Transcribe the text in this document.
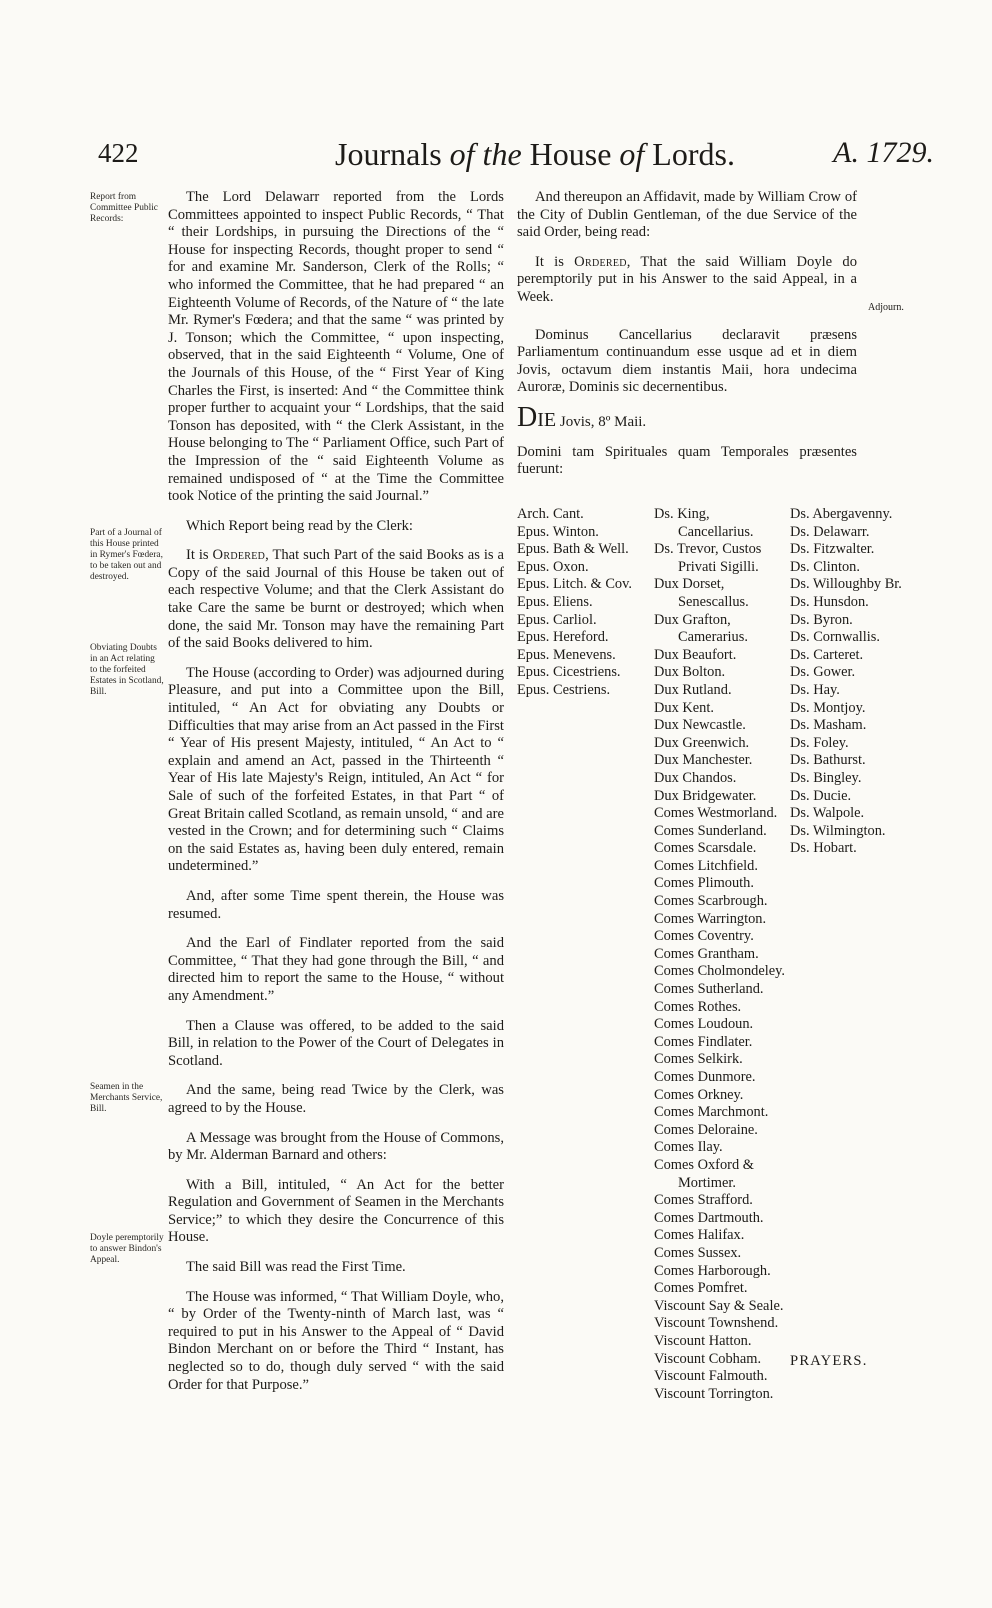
422	Journals of the House of Lords.	A. 1729.
Report from Committee Public Records:
Part of a Journal of this House printed in Rymer's Fœdera, to be taken out and destroyed.
Obviating Doubts in an Act relating to the forfeited Estates in Scotland, Bill.
Seamen in the Merchants Service, Bill.
Doyle peremptorily to answer Bindon's Appeal.
Adjourn.

The Lord Delawarr reported from the Lords Committees appointed to inspect Public Records, “ That “ their Lordships, in pursuing the Directions of the “ House for inspecting Records, thought proper to send “ for and examine Mr. Sanderson, Clerk of the Rolls; “ who informed the Committee, that he had prepared “ an Eighteenth Volume of Records, of the Nature of “ the late Mr. Rymer's Fœdera; and that the same “ was printed by J. Tonson; which the Committee, “ upon inspecting, observed, that in the said Eighteenth “ Volume, One of the Journals of this House, of the “ First Year of King Charles the First, is inserted: And “ the Committee think proper further to acquaint your “ Lordships, that the said Tonson has deposited, with “ the Clerk Assistant, in the House belonging to The “ Parliament Office, such Part of the Impression of the “ said Eighteenth Volume as remained undisposed of “ at the Time the Committee took Notice of the printing the said Journal.”

Which Report being read by the Clerk:

It is Ordered, That such Part of the said Books as is a Copy of the said Journal of this House be taken out of each respective Volume; and that the Clerk Assistant do take Care the same be burnt or destroyed; which when done, the said Mr. Tonson may have the remaining Part of the said Books delivered to him.

The House (according to Order) was adjourned during Pleasure, and put into a Committee upon the Bill, intituled, “ An Act for obviating any Doubts or Difficulties that may arise from an Act passed in the First “ Year of His present Majesty, intituled, “ An Act to “ explain and amend an Act, passed in the Thirteenth “ Year of His late Majesty's Reign, intituled, An Act “ for Sale of such of the forfeited Estates, in that Part “ of Great Britain called Scotland, as remain unsold, “ and are vested in the Crown; and for determining such “ Claims on the said Estates as, having been duly entered, remain undetermined.”

And, after some Time spent therein, the House was resumed.

And the Earl of Findlater reported from the said Committee, “ That they had gone through the Bill, “ and directed him to report the same to the House, “ without any Amendment.”

Then a Clause was offered, to be added to the said Bill, in relation to the Power of the Court of Delegates in Scotland.

And the same, being read Twice by the Clerk, was agreed to by the House.

A Message was brought from the House of Commons, by Mr. Alderman Barnard and others:

With a Bill, intituled, “ An Act for the better Regulation and Government of Seamen in the Merchants Service;” to which they desire the Concurrence of this House.

The said Bill was read the First Time.

The House was informed, “ That William Doyle, who, “ by Order of the Twenty-ninth of March last, was “ required to put in his Answer to the Appeal of “ David Bindon Merchant on or before the Third “ Instant, has neglected so to do, though duly served “ with the said Order for that Purpose.”

And thereupon an Affidavit, made by William Crow of the City of Dublin Gentleman, of the due Service of the said Order, being read:

It is Ordered, That the said William Doyle do peremptorily put in his Answer to the said Appeal, in a Week.

Dominus Cancellarius declaravit præsens Parliamentum continuandum esse usque ad et in diem Jovis, octavum diem instantis Maii, hora undecima Auroræ, Dominis sic decernentibus.

Die Jovis, 8º Maii.

Domini tam Spirituales quam Temporales præsentes fuerunt:

Arch. Cant.
Epus. Winton.
Epus. Bath & Well.
Epus. Oxon.
Epus. Litch. & Cov.
Epus. Eliens.
Epus. Carliol.
Epus. Hereford.
Epus. Menevens.
Epus. Cicestriens.
Epus. Cestriens.
Ds. King,
Cancellarius.
Ds. Trevor, Custos
Privati Sigilli.
Dux Dorset,
Senescallus.
Dux Grafton,
Camerarius.
Dux Beaufort.
Dux Bolton.
Dux Rutland.
Dux Kent.
Dux Newcastle.
Dux Greenwich.
Dux Manchester.
Dux Chandos.
Dux Bridgewater.
Comes Westmorland.
Comes Sunderland.
Comes Scarsdale.
Comes Litchfield.
Comes Plimouth.
Comes Scarbrough.
Comes Warrington.
Comes Coventry.
Comes Grantham.
Comes Cholmondeley.
Comes Sutherland.
Comes Rothes.
Comes Loudoun.
Comes Findlater.
Comes Selkirk.
Comes Dunmore.
Comes Orkney.
Comes Marchmont.
Comes Deloraine.
Comes Ilay.
Comes Oxford &
Mortimer.
Comes Strafford.
Comes Dartmouth.
Comes Halifax.
Comes Sussex.
Comes Harborough.
Comes Pomfret.
Viscount Say & Seale.
Viscount Townshend.
Viscount Hatton.
Viscount Cobham.
Viscount Falmouth.
Viscount Torrington.
Ds. Abergavenny.
Ds. Delawarr.
Ds. Fitzwalter.
Ds. Clinton.
Ds. Willoughby Br.
Ds. Hunsdon.
Ds. Byron.
Ds. Cornwallis.
Ds. Carteret.
Ds. Gower.
Ds. Hay.
Ds. Montjoy.
Ds. Masham.
Ds. Foley.
Ds. Bathurst.
Ds. Bingley.
Ds. Ducie.
Ds. Walpole.
Ds. Wilmington.
Ds. Hobart.
PRAYERS.
